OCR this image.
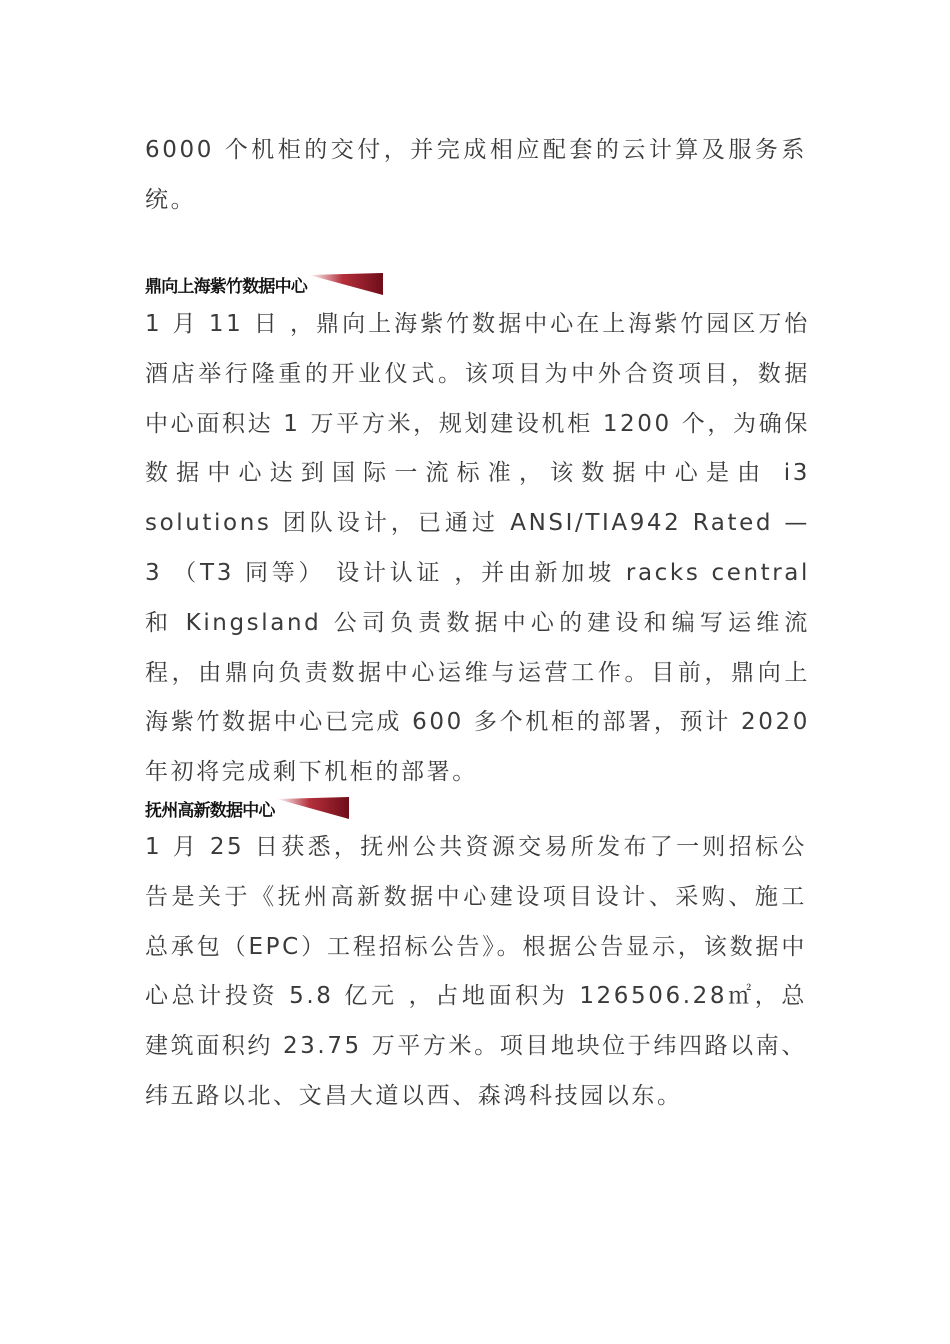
6000 个机柜的交付，并完成相应配套的云计算及服务系统。

鼎向上海紫竹数据中心

1 月 11 日 ，鼎向上海紫竹数据中心在上海紫竹园区万怡酒店举行隆重的开业仪式。该项目为中外合资项目，数据中心面积达 1 万平方米，规划建设机柜 1200 个，为确保数据中心达到国际一流标准，该数据中心是由 i3 solutions 团队设计，已通过 ANSI/TIA942 Rated —3 （T3 同等） 设计认证 ，并由新加坡 racks central 和 Kingsland 公司负责数据中心的建设和编写运维流程，由鼎向负责数据中心运维与运营工作。目前，鼎向上海紫竹数据中心已完成 600 多个机柜的部署，预计 2020 年初将完成剩下机柜的部署。

抚州高新数据中心

1 月 25 日获悉，抚州公共资源交易所发布了一则招标公告是关于《抚州高新数据中心建设项目设计、采购、施工总承包（EPC）工程招标公告》。根据公告显示，该数据中心总计投资 5.8 亿元 ，占地面积为 126506.28㎡，总建筑面积约 23.75 万平方米。项目地块位于纬四路以南、纬五路以北、文昌大道以西、森鸿科技园以东。
